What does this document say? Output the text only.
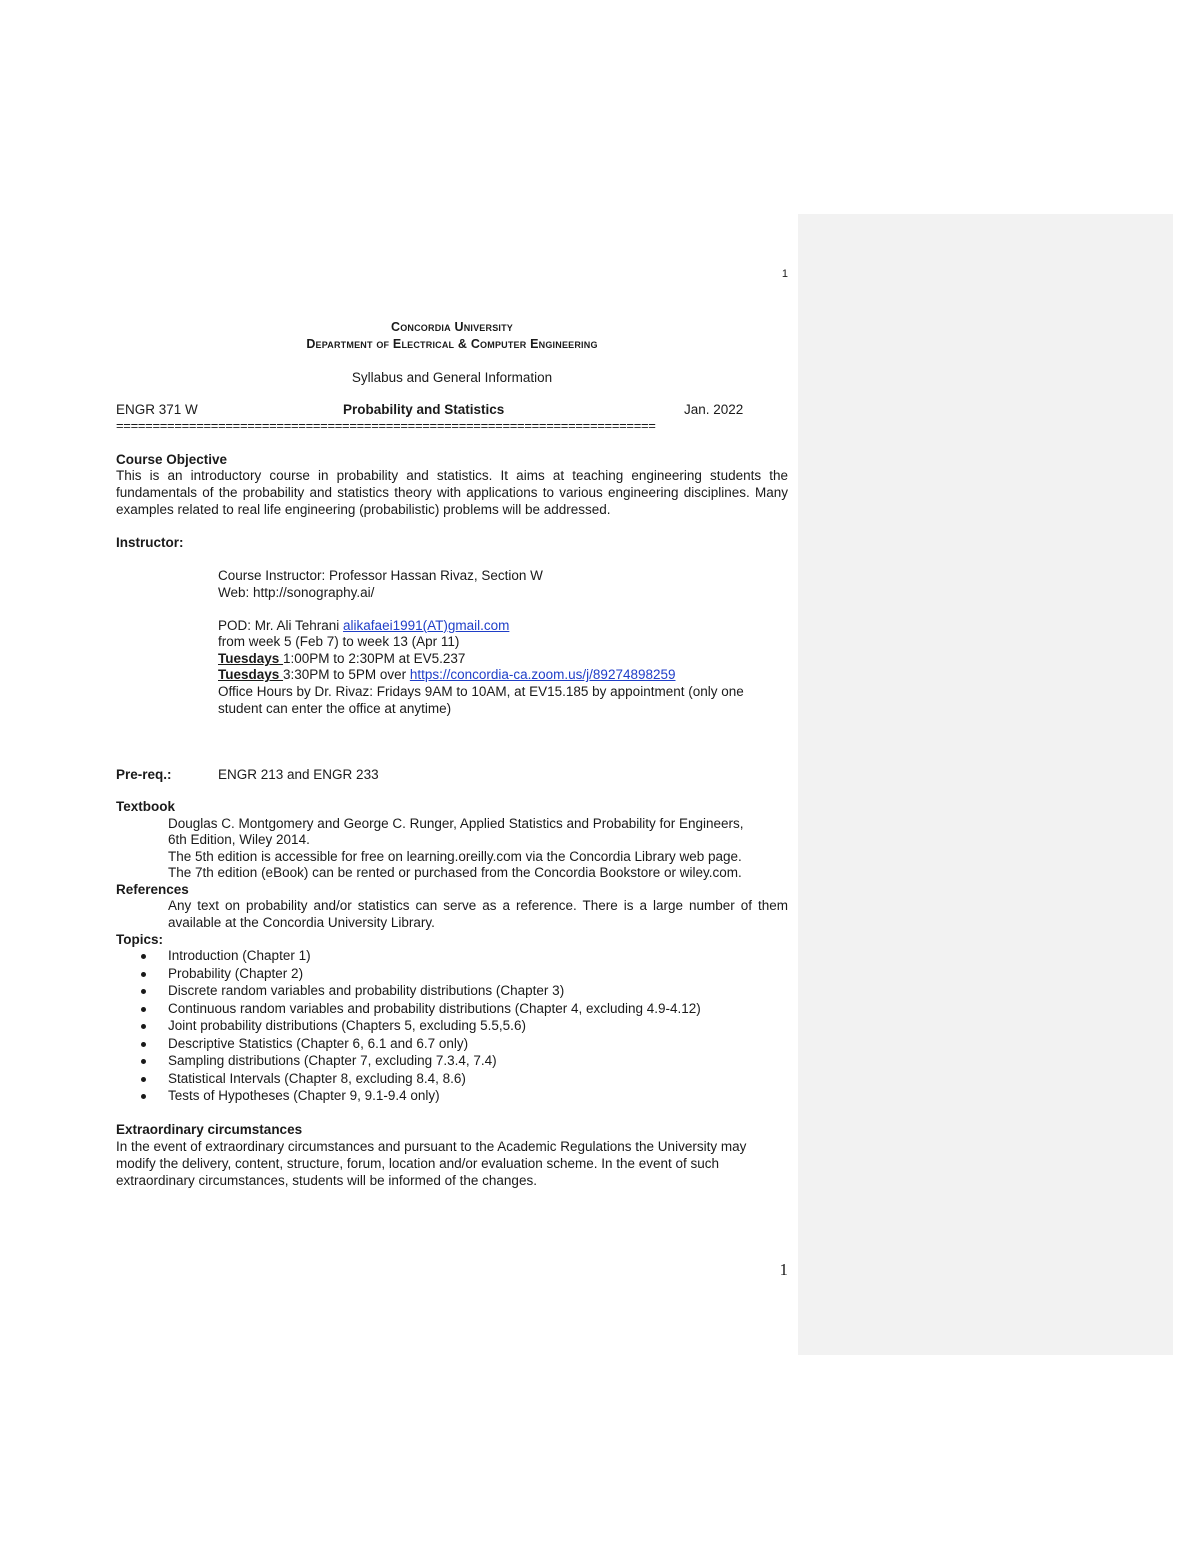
1
Concordia University
Department of Electrical & Computer Engineering
Syllabus and General Information
ENGR 371 W	Probability and Statistics	Jan. 2022
==========================================================================
Course Objective
This is an introductory course in probability and statistics. It aims at teaching engineering students the fundamentals of the probability and statistics theory with applications to various engineering disciplines. Many examples related to real life engineering (probabilistic) problems will be addressed.
Instructor:
Course Instructor: Professor Hassan Rivaz, Section W
Web: http://sonography.ai/
POD: Mr. Ali Tehrani alikafaei1991(AT)gmail.com
from week 5 (Feb 7) to week 13 (Apr 11)
Tuesdays 1:00PM to 2:30PM at EV5.237
Tuesdays 3:30PM to 5PM over https://concordia-ca.zoom.us/j/89274898259
Office Hours by Dr. Rivaz: Fridays 9AM to 10AM, at EV15.185 by appointment (only one
student can enter the office at anytime)
Pre-req.:	ENGR 213 and ENGR 233
Textbook
Douglas C. Montgomery and George C. Runger, Applied Statistics and Probability for Engineers,
6th Edition, Wiley 2014.
The 5th edition is accessible for free on learning.oreilly.com via the Concordia Library web page.
The 7th edition (eBook) can be rented or purchased from the Concordia Bookstore or wiley.com.
References
Any text on probability and/or statistics can serve as a reference. There is a large number of them available at the Concordia University Library.
Topics:
Introduction (Chapter 1)
Probability (Chapter 2)
Discrete random variables and probability distributions (Chapter 3)
Continuous random variables and probability distributions (Chapter 4, excluding 4.9-4.12)
Joint probability distributions (Chapters 5, excluding 5.5,5.6)
Descriptive Statistics (Chapter 6, 6.1 and 6.7 only)
Sampling distributions (Chapter 7, excluding 7.3.4, 7.4)
Statistical Intervals (Chapter 8, excluding 8.4, 8.6)
Tests of Hypotheses (Chapter 9, 9.1-9.4 only)
Extraordinary circumstances
In the event of extraordinary circumstances and pursuant to the Academic Regulations the University may modify the delivery, content, structure, forum, location and/or evaluation scheme. In the event of such extraordinary circumstances, students will be informed of the changes.
1
